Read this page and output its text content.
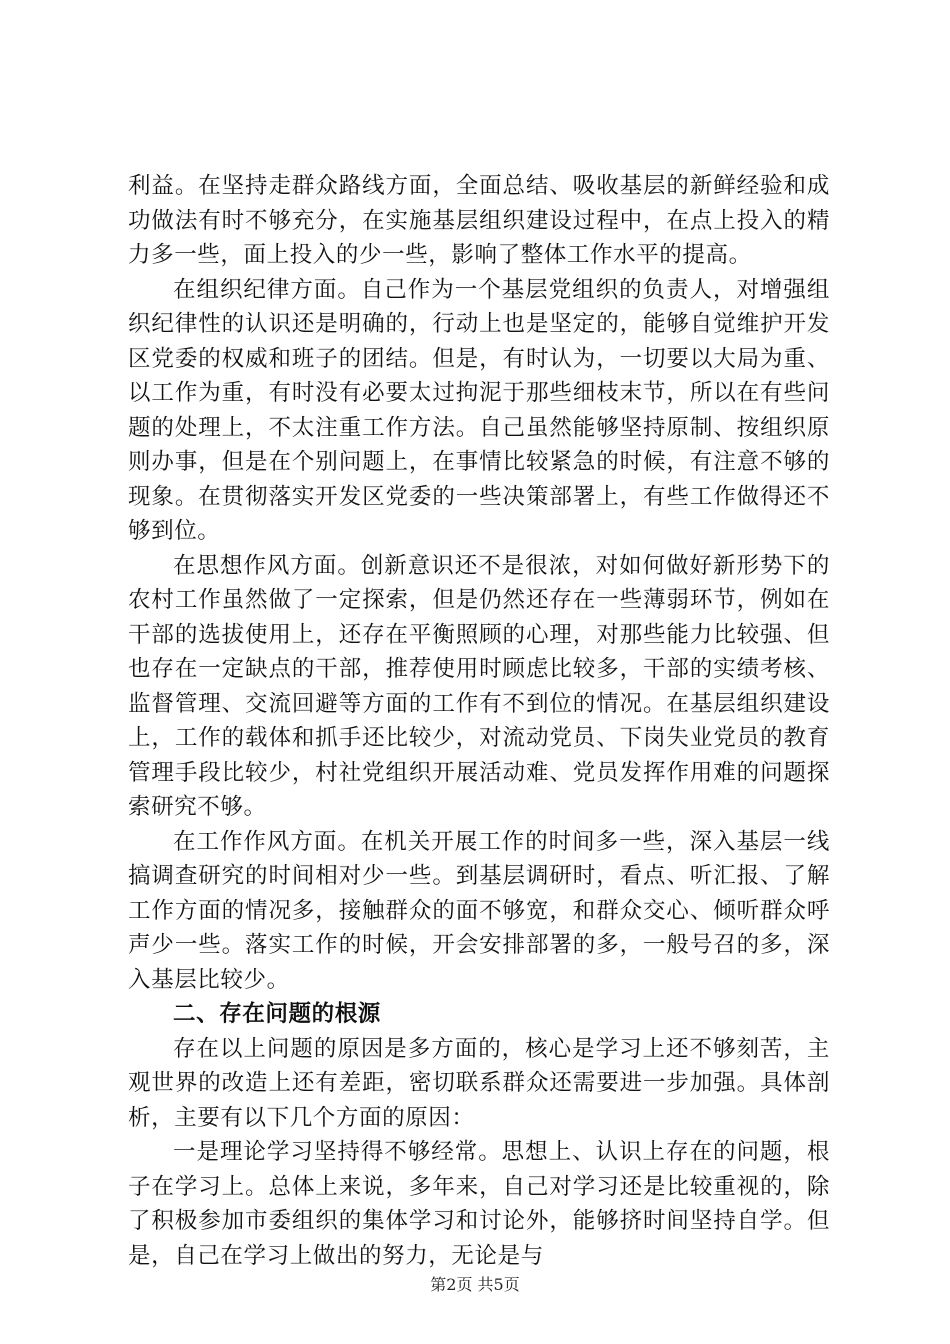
利益。在坚持走群众路线方面，全面总结、吸收基层的新鲜经验和成功做法有时不够充分，在实施基层组织建设过程中，在点上投入的精力多一些，面上投入的少一些，影响了整体工作水平的提高。

在组织纪律方面。自己作为一个基层党组织的负责人，对增强组织纪律性的认识还是明确的，行动上也是坚定的，能够自觉维护开发区党委的权威和班子的团结。但是，有时认为，一切要以大局为重、以工作为重，有时没有必要太过拘泥于那些细枝末节，所以在有些问题的处理上，不太注重工作方法。自己虽然能够坚持原制、按组织原则办事，但是在个别问题上，在事情比较紧急的时候，有注意不够的现象。在贯彻落实开发区党委的一些决策部署上，有些工作做得还不够到位。

在思想作风方面。创新意识还不是很浓，对如何做好新形势下的农村工作虽然做了一定探索，但是仍然还存在一些薄弱环节，例如在干部的选拔使用上，还存在平衡照顾的心理，对那些能力比较强、但也存在一定缺点的干部，推荐使用时顾虑比较多，干部的实绩考核、监督管理、交流回避等方面的工作有不到位的情况。在基层组织建设上，工作的载体和抓手还比较少，对流动党员、下岗失业党员的教育管理手段比较少，村社党组织开展活动难、党员发挥作用难的问题探索研究不够。

在工作作风方面。在机关开展工作的时间多一些，深入基层一线搞调查研究的时间相对少一些。到基层调研时，看点、听汇报、了解工作方面的情况多，接触群众的面不够宽，和群众交心、倾听群众呼声少一些。落实工作的时候，开会安排部署的多，一般号召的多，深入基层比较少。

二、存在问题的根源

存在以上问题的原因是多方面的，核心是学习上还不够刻苦，主观世界的改造上还有差距，密切联系群众还需要进一步加强。具体剖析，主要有以下几个方面的原因：

一是理论学习坚持得不够经常。思想上、认识上存在的问题，根子在学习上。总体上来说，多年来，自己对学习还是比较重视的，除了积极参加市委组织的集体学习和讨论外，能够挤时间坚持自学。但是，自己在学习上做出的努力，无论是与

第2页 共5页
